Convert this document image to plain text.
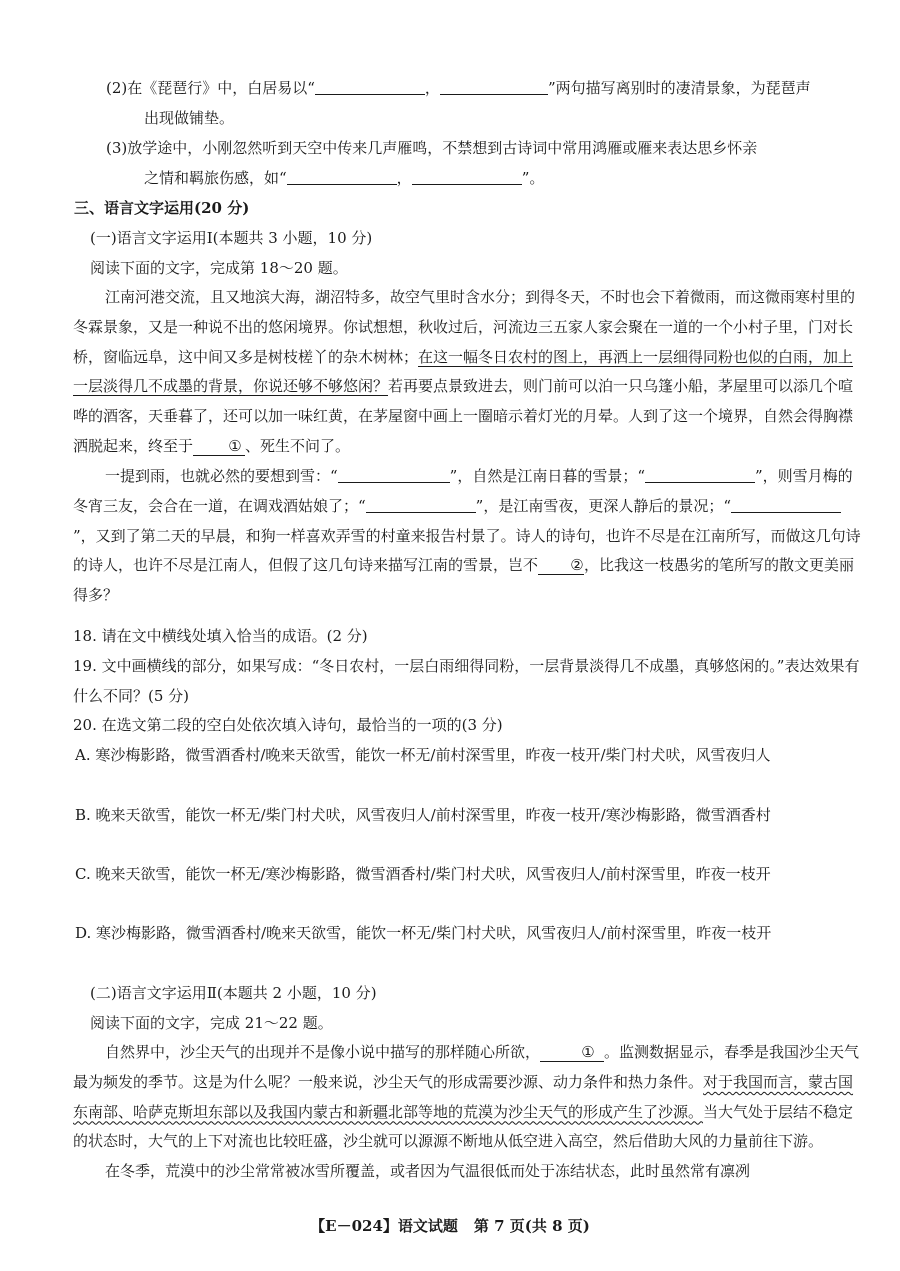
(2)在《琵琶行》中，白居易以“	，	”两句描写离别时的凄清景象，为琵琶声
出现做铺垫。
(3)放学途中，小刚忽然听到天空中传来几声雁鸣，不禁想到古诗词中常用鸿雁或雁来表达思乡怀亲
之情和羁旅伤感，如“	，	”。
三、语言文字运用(20 分)
(一)语言文字运用Ⅰ(本题共 3 小题，10 分)
阅读下面的文字，完成第 18～20 题。
江南河港交流，且又地滨大海，湖沼特多，故空气里时含水分；到得冬天，不时也会下着微雨，而这微雨寒村里的冬霖景象，又是一种说不出的悠闲境界。你试想想，秋收过后，河流边三五家人家会聚在一道的一个小村子里，门对长桥，窗临远阜，这中间又多是树枝槎丫的杂木树林；在这一幅冬日农村的图上，再洒上一层细得同粉也似的白雨，加上一层淡得几不成墨的背景，你说还够不够悠闲？若再要点景致进去，则门前可以泊一只乌篷小船，茅屋里可以添几个喧哗的酒客，天垂暮了，还可以加一味红黄，在茅屋窗中画上一圈暗示着灯光的月晕。人到了这一个境界，自然会得胸襟洒脱起来，终至于 ① 、死生不问了。
一提到雨，也就必然的要想到雪：“	”，自然是江南日暮的雪景；“	”，则雪月梅的冬宵三友，会合在一道，在调戏酒姑娘了；“	”，是江南雪夜，更深人静后的景况；“”，又到了第二天的早晨，和狗一样喜欢弄雪的村童来报告村景了。诗人的诗句，也许不尽是在江南所写，而做这几句诗的诗人，也许不尽是江南人，但假了这几句诗来描写江南的雪景，岂不 ②，比我这一枝愚劣的笔所写的散文更美丽得多？
18. 请在文中横线处填入恰当的成语。(2 分)
19. 文中画横线的部分，如果写成：“冬日农村，一层白雨细得同粉，一层背景淡得几不成墨，真够悠闲的。”表达效果有什么不同？(5 分)
20. 在选文第二段的空白处依次填入诗句，最恰当的一项的(3 分)
A. 寒沙梅影路，微雪酒香村/晚来天欲雪，能饮一杯无/前村深雪里，昨夜一枝开/柴门村犬吠，风雪夜归人
B. 晚来天欲雪，能饮一杯无/柴门村犬吠，风雪夜归人/前村深雪里，昨夜一枝开/寒沙梅影路，微雪酒香村
C. 晚来天欲雪，能饮一杯无/寒沙梅影路，微雪酒香村/柴门村犬吠，风雪夜归人/前村深雪里，昨夜一枝开
D. 寒沙梅影路，微雪酒香村/晚来天欲雪，能饮一杯无/柴门村犬吠，风雪夜归人/前村深雪里，昨夜一枝开
(二)语言文字运用Ⅱ(本题共 2 小题，10 分)
阅读下面的文字，完成 21～22 题。
自然界中，沙尘天气的出现并不是像小说中描写的那样随心所欲，	① 。监测数据显示，春季是我国沙尘天气最为频发的季节。这是为什么呢？一般来说，沙尘天气的形成需要沙源、动力条件和热力条件。对于我国而言，蒙古国东南部、哈萨克斯坦东部以及我国内蒙古和新疆北部等地的荒漠为沙尘天气的形成产生了沙源。当大气处于层结不稳定的状态时，大气的上下对流也比较旺盛，沙尘就可以源源不断地从低空进入高空，然后借助大风的力量前往下游。
在冬季，荒漠中的沙尘常常被冰雪所覆盖，或者因为气温很低而处于冻结状态，此时虽然常有凛冽
【E－024】语文试题 第 7 页(共 8 页)
